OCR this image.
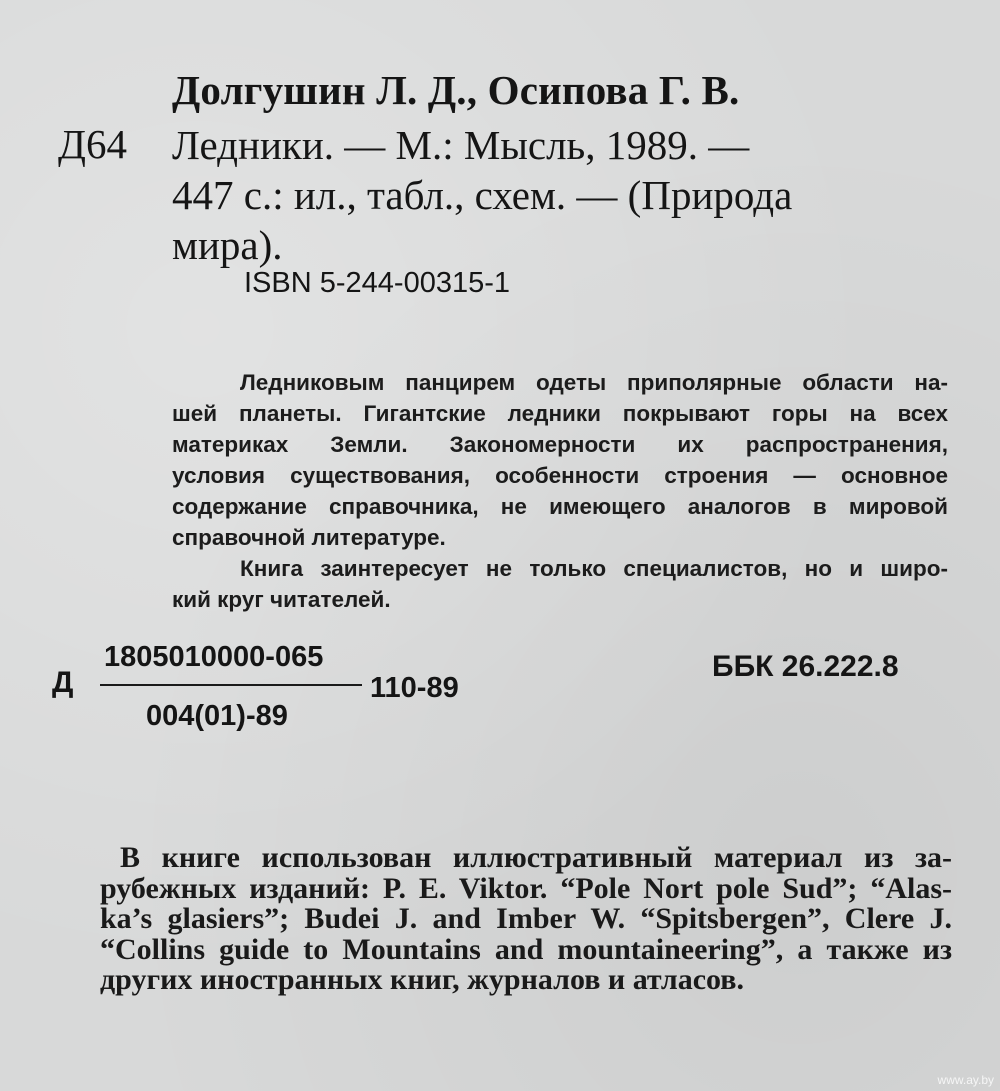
Долгушин Л. Д., Осипова Г. В.
Д64 Ледники. — М.: Мысль, 1989. —
447 с.: ил., табл., схем. — (Природа
мира).
ISBN 5-244-00315-1
Ледниковым панцирем одеты приполярные области на-
шей планеты. Гигантские ледники покрывают горы на всех
материках Земли. Закономерности их распространения,
условия существования, особенности строения — основное
содержание справочника, не имеющего аналогов в мировой
справочной литературе.
Книга заинтересует не только специалистов, но и широ-
кий круг читателей.
Д
1805010000-065
004(01)-89
110-89
ББК 26.222.8
В книге использован иллюстративный материал из за-
рубежных изданий: P. E. Viktor. “Pole Nort pole Sud”; “Alas-
ka’s glasiers”; Budei J. and Imber W. “Spitsbergen”, Clere J.
“Collins guide to Mountains and mountaineering”, а также из
других иностранных книг, журналов и атласов.
www.ay.by
